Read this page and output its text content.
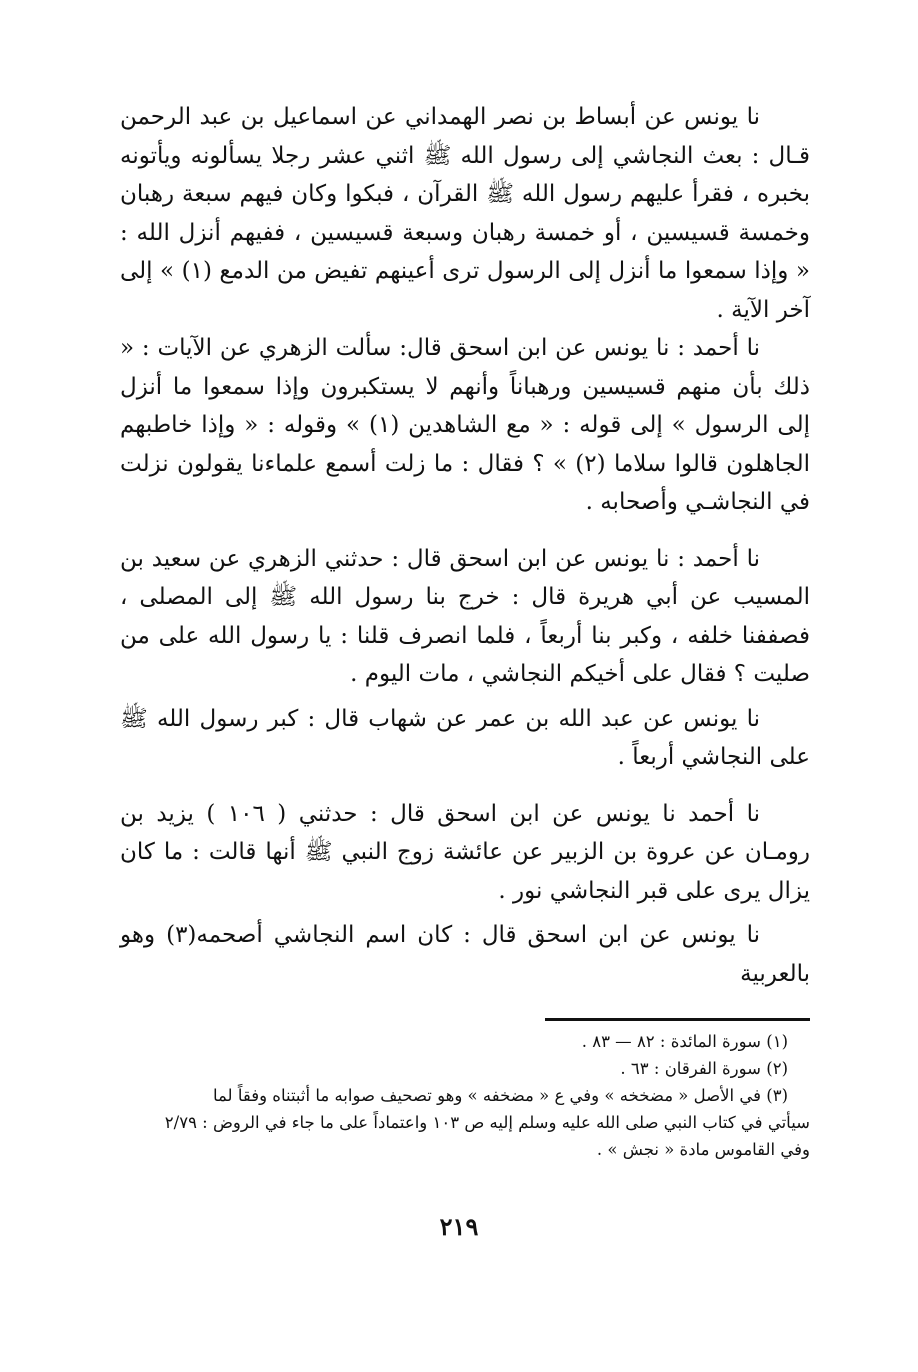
نا يونس عن أبساط بن نصر الهمداني عن اسماعيل بن عبد الرحمن قـال : بعث النجاشي إلى رسول الله ﷺ اثني عشر رجلا يسألونه ويأتونه بخبره ، فقرأ عليهم رسول الله ﷺ القرآن ، فبكوا وكان فيهم سبعة رهبان وخمسة قسيسين ، أو خمسة رهبان وسبعة قسيسين ، ففيهم أنزل الله : « وإذا سمعوا ما أنزل إلى الرسول ترى أعينهم تفيض من الدمع (١) » إلى آخر الآية .

نا أحمد : نا يونس عن ابن اسحق قال: سألت الزهري عن الآيات : « ذلك بأن منهم قسيسين ورهباناً وأنهم لا يستكبرون وإذا سمعوا ما أنزل إلى الرسول » إلى قوله : « مع الشاهدين (١) » وقوله : « وإذا خاطبهم الجاهلون قالوا سلاما (٢) » ؟ فقال : ما زلت أسمع علماءنا يقولون نزلت في النجاشـي وأصحابه .

نا أحمد : نا يونس عن ابن اسحق قال : حدثني الزهري عن سعيد بن المسيب عن أبي هريرة قال : خرج بنا رسول الله ﷺ إلى المصلى ، فصففنا خلفه ، وكبر بنا أربعاً ، فلما انصرف قلنا : يا رسول الله على من صليت ؟ فقال على أخيكم النجاشي ، مات اليوم .

نا يونس عن عبد الله بن عمر عن شهاب قال : كبر رسول الله ﷺ على النجاشي أربعاً .

نا أحمد نا يونس عن ابن اسحق قال : حدثني ( ١٠٦ ) يزيد بن رومـان عن عروة بن الزبير عن عائشة زوج النبي ﷺ أنها قالت : ما كان يزال يرى على قبر النجاشي نور .

نا يونس عن ابن اسحق قال : كان اسم النجاشي أصحمه(٣) وهو بالعربية

(١) سورة المائدة : ٨٢ — ٨٣ .

(٢) سورة الفرقان : ٦٣ .

(٣) في الأصل « مضخخه » وفي ع « مضخفه » وهو تصحيف صوابه ما أثبتناه وفقاً لما

سيأتي في كتاب النبي صلى الله عليه وسلم إليه ص ١٠٣ واعتماداً على ما جاء في الروض : ٢/٧٩

وفي القاموس مادة « نجش » .

٢١٩
